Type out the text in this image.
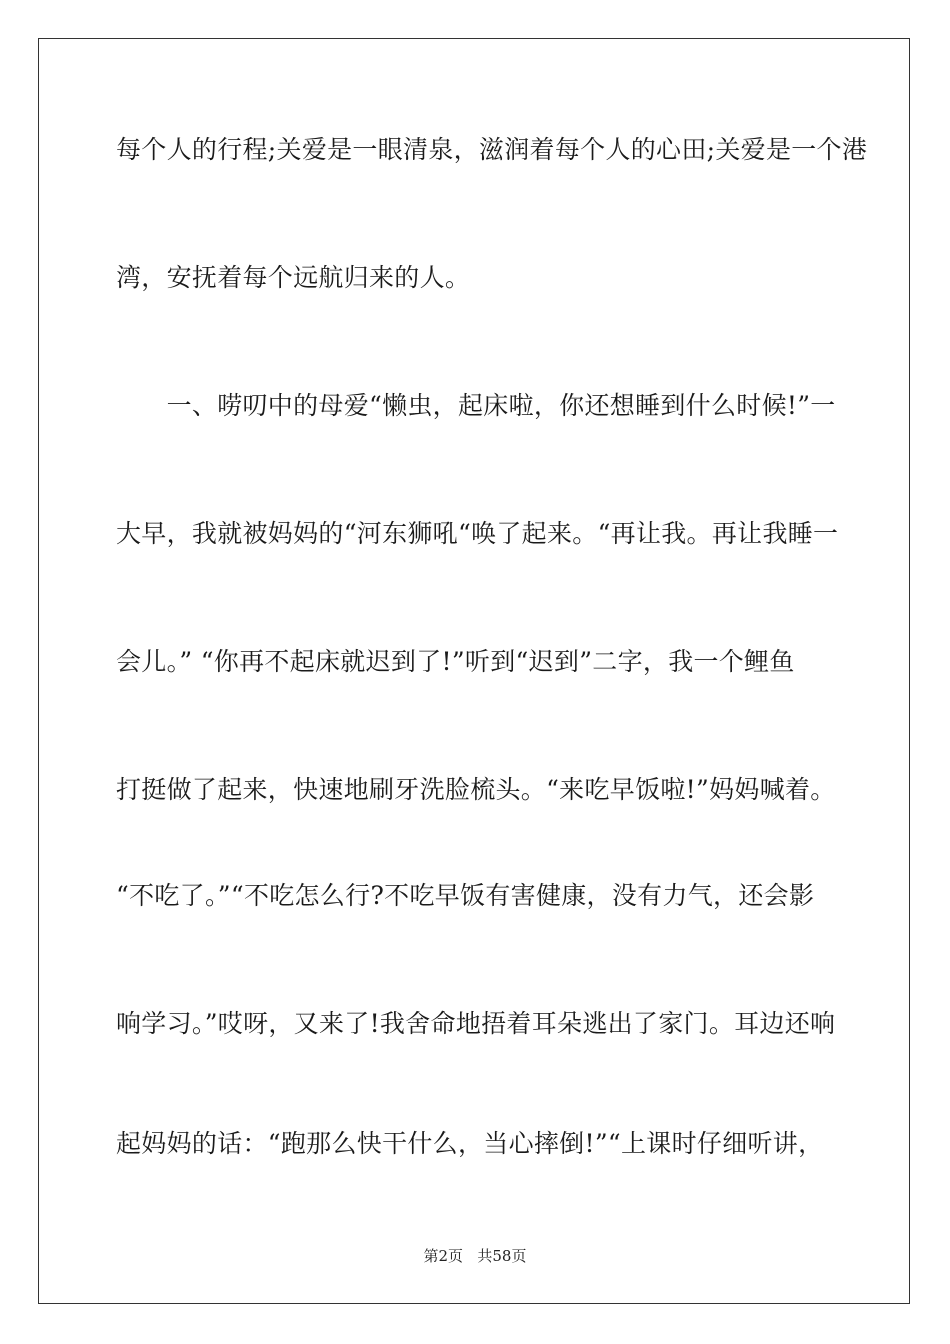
每个人的行程;关爱是一眼清泉，滋润着每个人的心田;关爱是一个港
湾，安抚着每个远航归来的人。
　　一、唠叨中的母爱“懒虫，起床啦，你还想睡到什么时候!”一
大早，我就被妈妈的“河东狮吼“唤了起来。“再让我。再让我睡一
会儿。” “你再不起床就迟到了!”听到“迟到”二字，我一个鲤鱼
打挺做了起来，快速地刷牙洗脸梳头。“来吃早饭啦!”妈妈喊着。
“不吃了。”“不吃怎么行?不吃早饭有害健康，没有力气，还会影
响学习。”哎呀，又来了!我舍命地捂着耳朵逃出了家门。耳边还响
起妈妈的话：“跑那么快干什么，当心摔倒!”“上课时仔细听讲，
第2页 共58页
